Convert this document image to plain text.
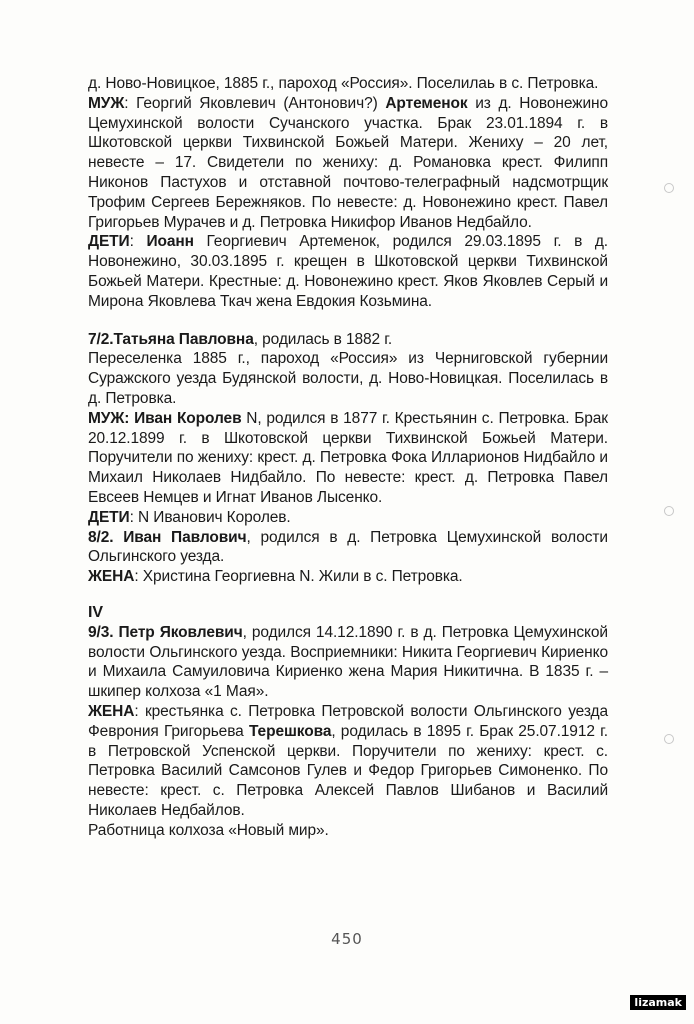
д. Ново-Новицкое, 1885 г., пароход «Россия». Поселилаь в с. Петровка.

МУЖ: Георгий Яковлевич (Антонович?) Артеменок из д. Новонежино Цемухинской волости Сучанского участка. Брак 23.01.1894 г. в Шкотовской церкви Тихвинской Божьей Матери. Жениху – 20 лет, невесте – 17. Свидетели по жениху: д. Романовка крест. Филипп Никонов Пастухов и отставной почтово-телеграфный надсмотрщик Трофим Сергеев Бережняков. По невесте: д. Новонежино крест. Павел Григорьев Мурачев и д. Петровка Никифор Иванов Недбайло.

ДЕТИ: Иоанн Георгиевич Артеменок, родился 29.03.1895 г. в д. Новонежино, 30.03.1895 г. крещен в Шкотовской церкви Тихвинской Божьей Матери. Крестные: д. Новонежино крест. Яков Яковлев Серый и Мирона Яковлева Ткач жена Евдокия Козьмина.

7/2.Татьяна Павловна, родилась в 1882 г.

Переселенка 1885 г., пароход «Россия» из Черниговской губернии Суражского уезда Будянской волости, д. Ново-Новицкая. Поселилась в д. Петровка.

МУЖ: Иван Королев N, родился в 1877 г. Крестьянин с. Петровка. Брак 20.12.1899 г. в Шкотовской церкви Тихвинской Божьей Матери. Поручители по жениху: крест. д. Петровка Фока Илларионов Нидбайло и Михаил Николаев Нидбайло. По невесте: крест. д. Петровка Павел Евсеев Немцев и Игнат Иванов Лысенко.

ДЕТИ: N Иванович Королев.

8/2. Иван Павлович, родился в д. Петровка Цемухинской волости Ольгинского уезда.

ЖЕНА: Христина Георгиевна N. Жили в с. Петровка.

IV

9/3. Петр Яковлевич, родился 14.12.1890 г. в д. Петровка Цемухинской волости Ольгинского уезда. Восприемники: Никита Георгиевич Кириенко и Михаила Самуиловича Кириенко жена Мария Никитична. В 1835 г. – шкипер колхоза «1 Мая».

ЖЕНА: крестьянка с. Петровка Петровской волости Ольгинского уезда Феврония Григорьева Терешкова, родилась в 1895 г. Брак 25.07.1912 г. в Петровской Успенской церкви. Поручители по жениху: крест. с. Петровка Василий Самсонов Гулев и Федор Григорьев Симоненко. По невесте: крест. с. Петровка Алексей Павлов Шибанов и Василий Николаев Недбайлов.

Работница колхоза «Новый мир».

450
lizamak
